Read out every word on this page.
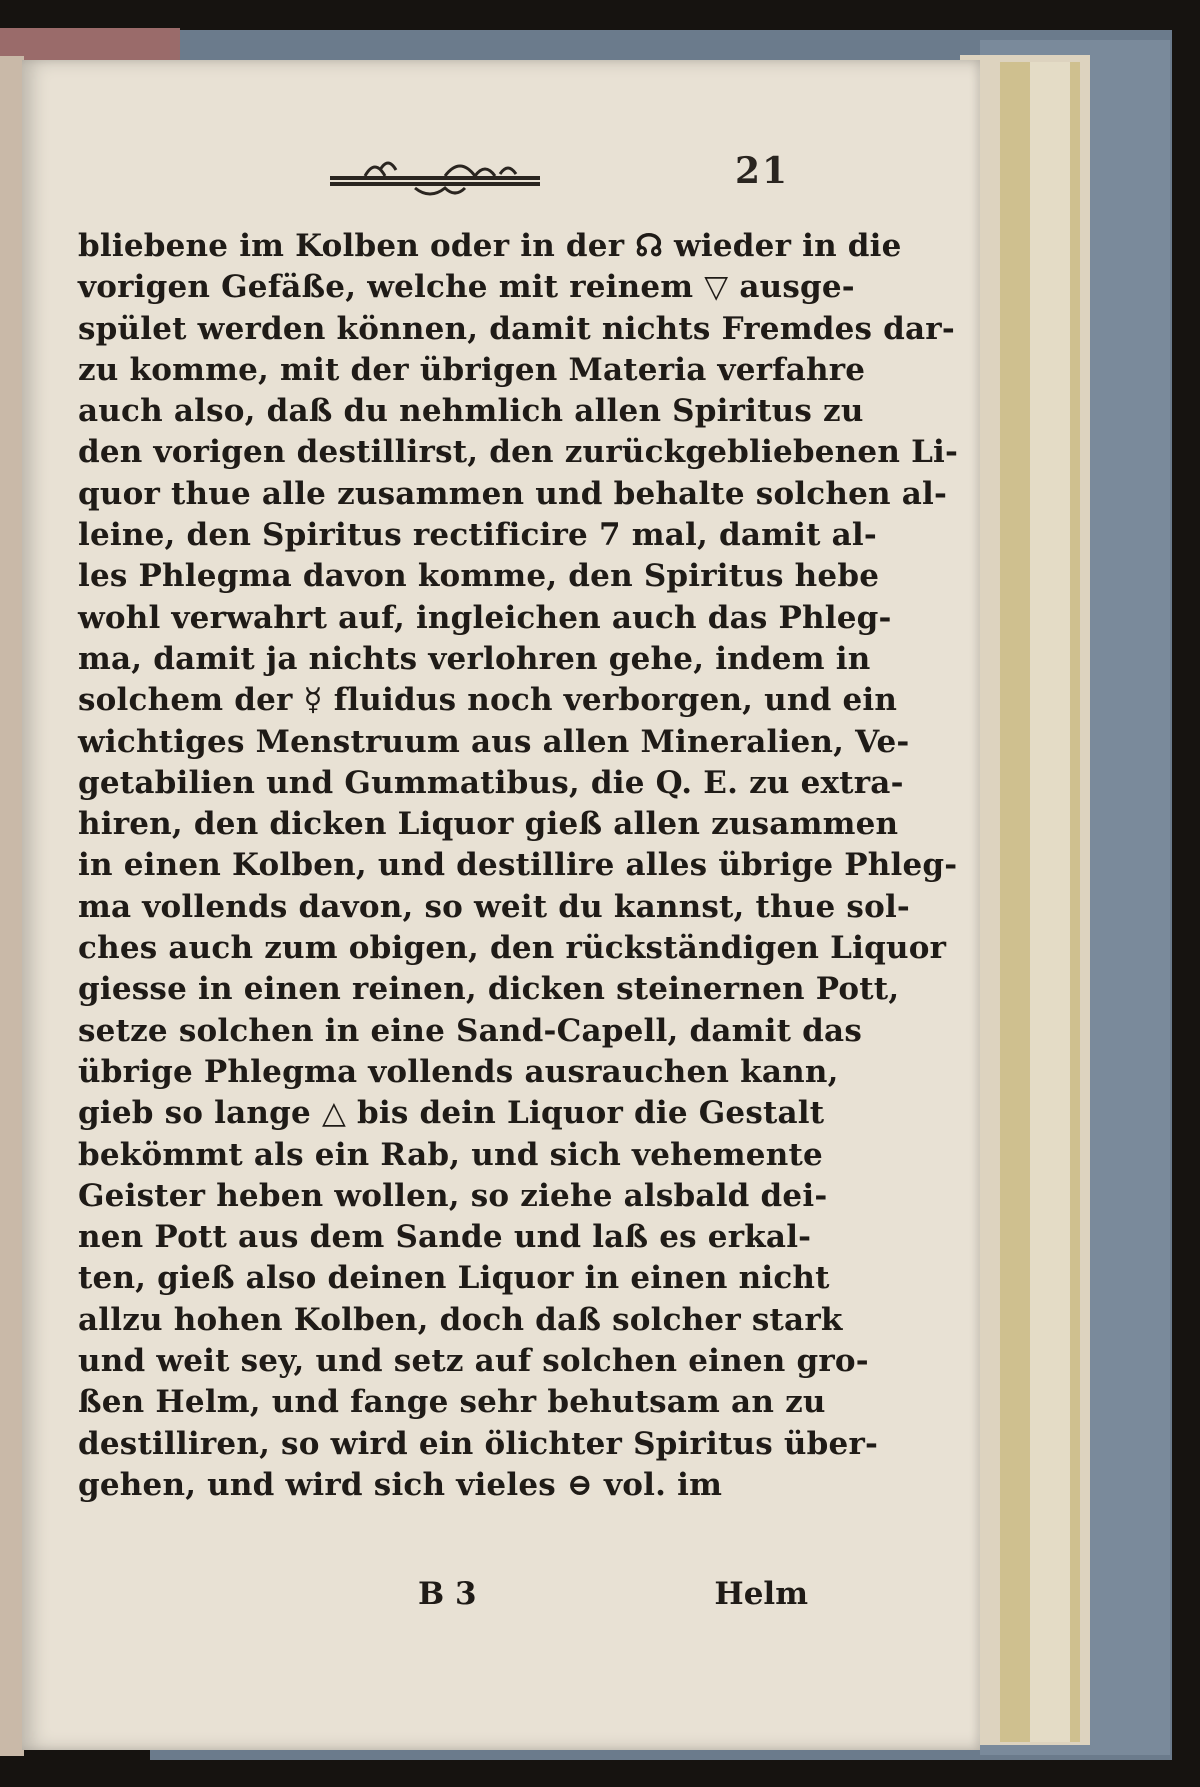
21
bliebene im Kolben oder in der ☊ wieder in die
vorigen Gefäße, welche mit reinem ▽ ausge-
spület werden können, damit nichts Fremdes dar-
zu komme, mit der übrigen Materia verfahre
auch also, daß du nehmlich allen Spiritus zu
den vorigen destillirst, den zurückgebliebenen Li-
quor thue alle zusammen und behalte solchen al-
leine, den Spiritus rectificire 7 mal, damit al-
les Phlegma davon komme, den Spiritus hebe
wohl verwahrt auf, ingleichen auch das Phleg-
ma, damit ja nichts verlohren gehe, indem in
solchem der ☿ fluidus noch verborgen, und ein
wichtiges Menstruum aus allen Mineralien, Ve-
getabilien und Gummatibus, die Q. E. zu extra-
hiren, den dicken Liquor gieß allen zusammen
in einen Kolben, und destillire alles übrige Phleg-
ma vollends davon, so weit du kannst, thue sol-
ches auch zum obigen, den rückständigen Liquor
giesse in einen reinen, dicken steinernen Pott,
setze solchen in eine Sand-Capell, damit das
übrige Phlegma vollends ausrauchen kann,
gieb so lange △ bis dein Liquor die Gestalt
bekömmt als ein Rab, und sich vehemente
Geister heben wollen, so ziehe alsbald dei-
nen Pott aus dem Sande und laß es erkal-
ten, gieß also deinen Liquor in einen nicht
allzu hohen Kolben, doch daß solcher stark
und weit sey, und setz auf solchen einen gro-
ßen Helm, und fange sehr behutsam an zu
destilliren, so wird ein ölichter Spiritus über-
gehen, und wird sich vieles ⊖ vol. im
B 3	Helm
